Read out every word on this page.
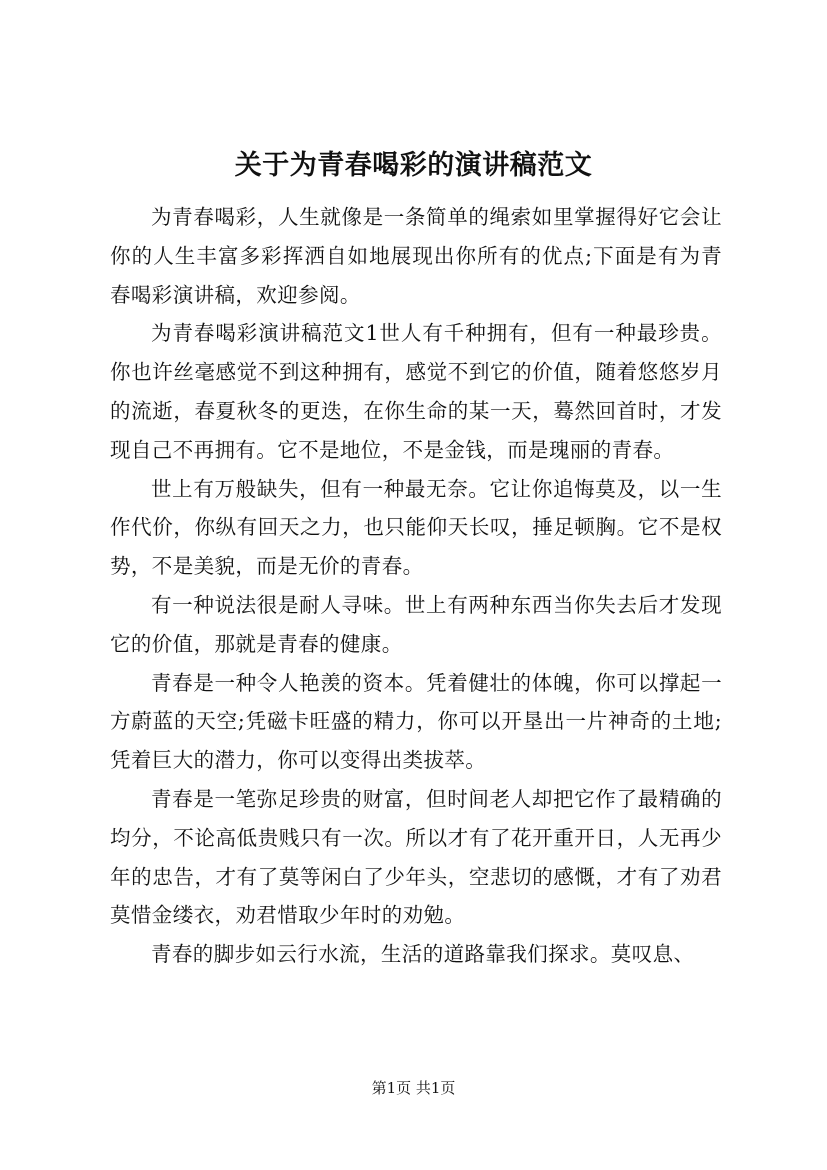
关于为青春喝彩的演讲稿范文

为青春喝彩，人生就像是一条简单的绳索如里掌握得好它会让你的人生丰富多彩挥洒自如地展现出你所有的优点;下面是有为青春喝彩演讲稿，欢迎参阅。

为青春喝彩演讲稿范文1世人有千种拥有，但有一种最珍贵。你也许丝毫感觉不到这种拥有，感觉不到它的价值，随着悠悠岁月的流逝，春夏秋冬的更迭，在你生命的某一天，蓦然回首时，才发现自己不再拥有。它不是地位，不是金钱，而是瑰丽的青春。

世上有万般缺失，但有一种最无奈。它让你追悔莫及，以一生作代价，你纵有回天之力，也只能仰天长叹，捶足顿胸。它不是权势，不是美貌，而是无价的青春。

有一种说法很是耐人寻味。世上有两种东西当你失去后才发现它的价值，那就是青春的健康。

青春是一种令人艳羡的资本。凭着健壮的体魄，你可以撑起一方蔚蓝的天空;凭磁卡旺盛的精力，你可以开垦出一片神奇的土地;凭着巨大的潜力，你可以变得出类拔萃。

青春是一笔弥足珍贵的财富，但时间老人却把它作了最精确的均分，不论高低贵贱只有一次。所以才有了花开重开日，人无再少年的忠告，才有了莫等闲白了少年头，空悲切的感慨，才有了劝君莫惜金缕衣，劝君惜取少年时的劝勉。

青春的脚步如云行水流，生活的道路靠我们探求。莫叹息、

第1页 共1页
